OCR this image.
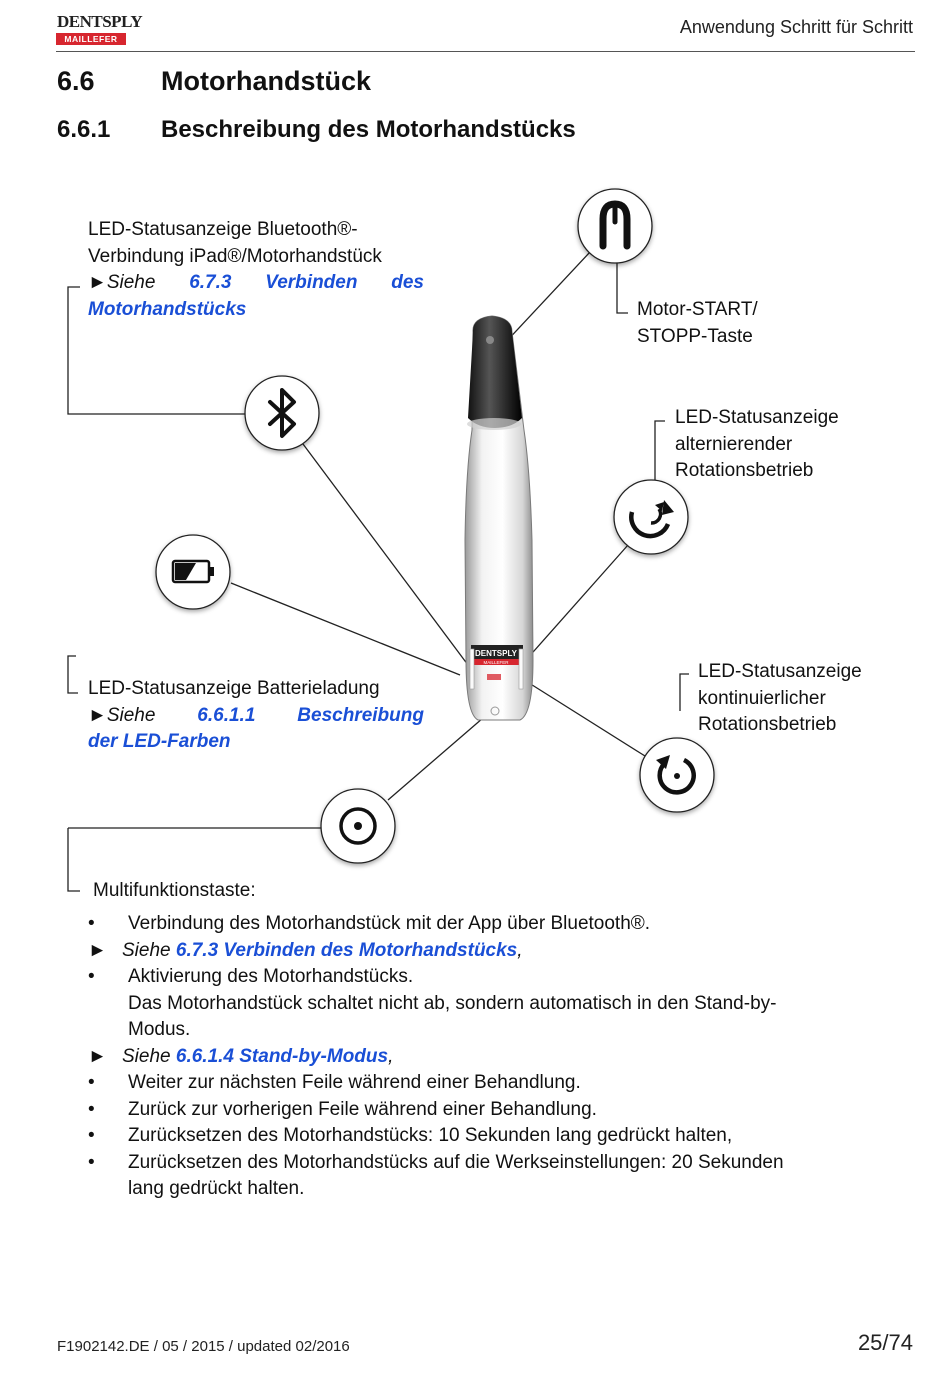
DENTSPLY
MAILLEFER
Anwendung Schritt für Schritt
6.6 Motorhandstück
6.6.1 Beschreibung des Motorhandstücks
DENTSPLY
MAILLEFER
LED-Statusanzeige Bluetooth®-
Verbindung iPad®/Motorhandstück
►Siehe 6.7.3 Verbinden des
Motorhandstücks	Motor-START/
STOPP-Taste
LED-Statusanzeige
alternierender
Rotationsbetrieb
LED-Statusanzeige Batterieladung
►Siehe 6.6.1.1 Beschreibung
der LED-Farben
LED-Statusanzeige
kontinuierlicher
Rotationsbetrieb
Multifunktionstaste:
•	Verbindung des Motorhandstück mit der App über Bluetooth®.
► Siehe 6.7.3 Verbinden des Motorhandstücks ,
•	Aktivierung des Motorhandstücks.
Das Motorhandstück schaltet nicht ab, sondern automatisch in den Stand-by-
Modus.
► Siehe 6.6.1.4 Stand-by-Modus ,
•	Weiter zur nächsten Feile während einer Behandlung.
•	Zurück zur vorherigen Feile während einer Behandlung.
•	Zurücksetzen des Motorhandstücks: 10 Sekunden lang gedrückt halten,
•	Zurücksetzen des Motorhandstücks auf die Werkseinstellungen: 20 Sekunden
lang gedrückt halten.
F1902142.DE / 05 / 2015 / updated 02/2016	25/74
